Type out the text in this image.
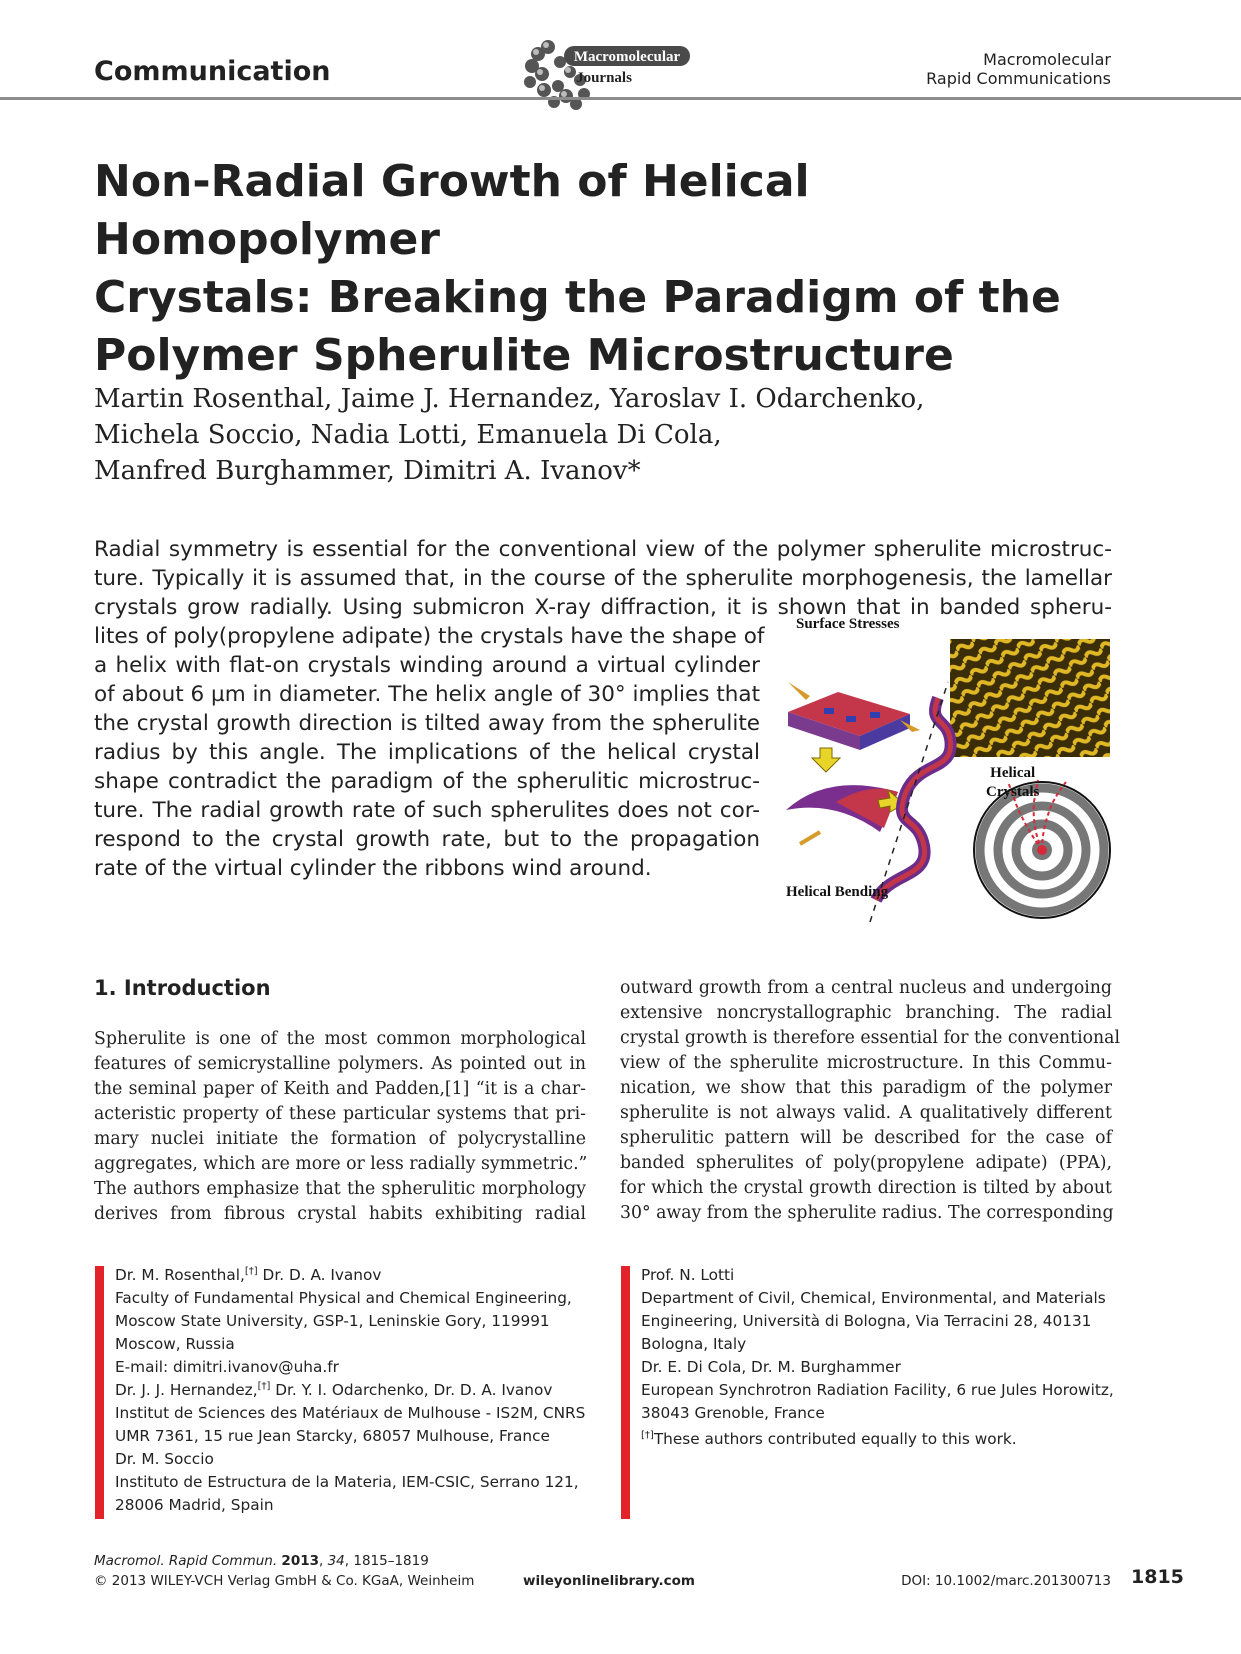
Communication	Macromolecular
Journals
Macromolecular
Rapid Communications
Non-Radial Growth of Helical Homopolymer
Crystals: Breaking the Paradigm of the
Polymer Spherulite Microstructure
Martin Rosenthal, Jaime J. Hernandez, Yaroslav I. Odarchenko,
Michela Soccio, Nadia Lotti, Emanuela Di Cola,
Manfred Burghammer, Dimitri A. Ivanov*
Radial symmetry is essential for the conventional view of the polymer spherulite microstruc-
ture. Typically it is assumed that, in the course of the spherulite morphogenesis, the lamellar
crystals grow radially. Using submicron X-ray diffraction, it is shown that in banded spheru-
lites of poly(propylene adipate) the crystals have the shape of
a helix with flat-on crystals winding around a virtual cylinder
of about 6 µm in diameter. The helix angle of 30° implies that
the crystal growth direction is tilted away from the spherulite
radius by this angle. The implications of the helical crystal
shape contradict the paradigm of the spherulitic microstruc-
ture. The radial growth rate of such spherulites does not cor-
respond to the crystal growth rate, but to the propagation
rate of the virtual cylinder the ribbons wind around.
Surface Stresses
Helical Bending
Helical
Crystals
1. Introduction
Spherulite is one of the most common morphological
features of semicrystalline polymers. As pointed out in
the seminal paper of Keith and Padden,[1] “it is a char-
acteristic property of these particular systems that pri-
mary nuclei initiate the formation of polycrystalline
aggregates, which are more or less radially symmetric.”
The authors emphasize that the spherulitic morphology
derives from fibrous crystal habits exhibiting radial
outward growth from a central nucleus and undergoing
extensive noncrystallographic branching. The radial
crystal growth is therefore essential for the conventional
view of the spherulite microstructure. In this Commu-
nication, we show that this paradigm of the polymer
spherulite is not always valid. A qualitatively different
spherulitic pattern will be described for the case of
banded spherulites of poly(propylene adipate) (PPA),
for which the crystal growth direction is tilted by about
30° away from the spherulite radius. The corresponding
Dr. M. Rosenthal,[†] Dr. D. A. Ivanov
Faculty of Fundamental Physical and Chemical Engineering,
Moscow State University, GSP-1, Leninskie Gory, 119991
Moscow, Russia
E-mail: dimitri.ivanov@uha.fr
Dr. J. J. Hernandez,[†] Dr. Y. I. Odarchenko, Dr. D. A. Ivanov
Institut de Sciences des Matériaux de Mulhouse - IS2M, CNRS
UMR 7361, 15 rue Jean Starcky, 68057 Mulhouse, France
Dr. M. Soccio
Instituto de Estructura de la Materia, IEM-CSIC, Serrano 121,
28006 Madrid, Spain
Prof. N. Lotti
Department of Civil, Chemical, Environmental, and Materials
Engineering, Università di Bologna, Via Terracini 28, 40131
Bologna, Italy
Dr. E. Di Cola, Dr. M. Burghammer
European Synchrotron Radiation Facility, 6 rue Jules Horowitz,
38043 Grenoble, France
[†]These authors contributed equally to this work.
Macromol. Rapid Commun. 2013, 34, 1815–1819
© 2013 WILEY-VCH Verlag GmbH & Co. KGaA, Weinheim	wileyonlinelibrary.com	DOI: 10.1002/marc.201300713 1815
